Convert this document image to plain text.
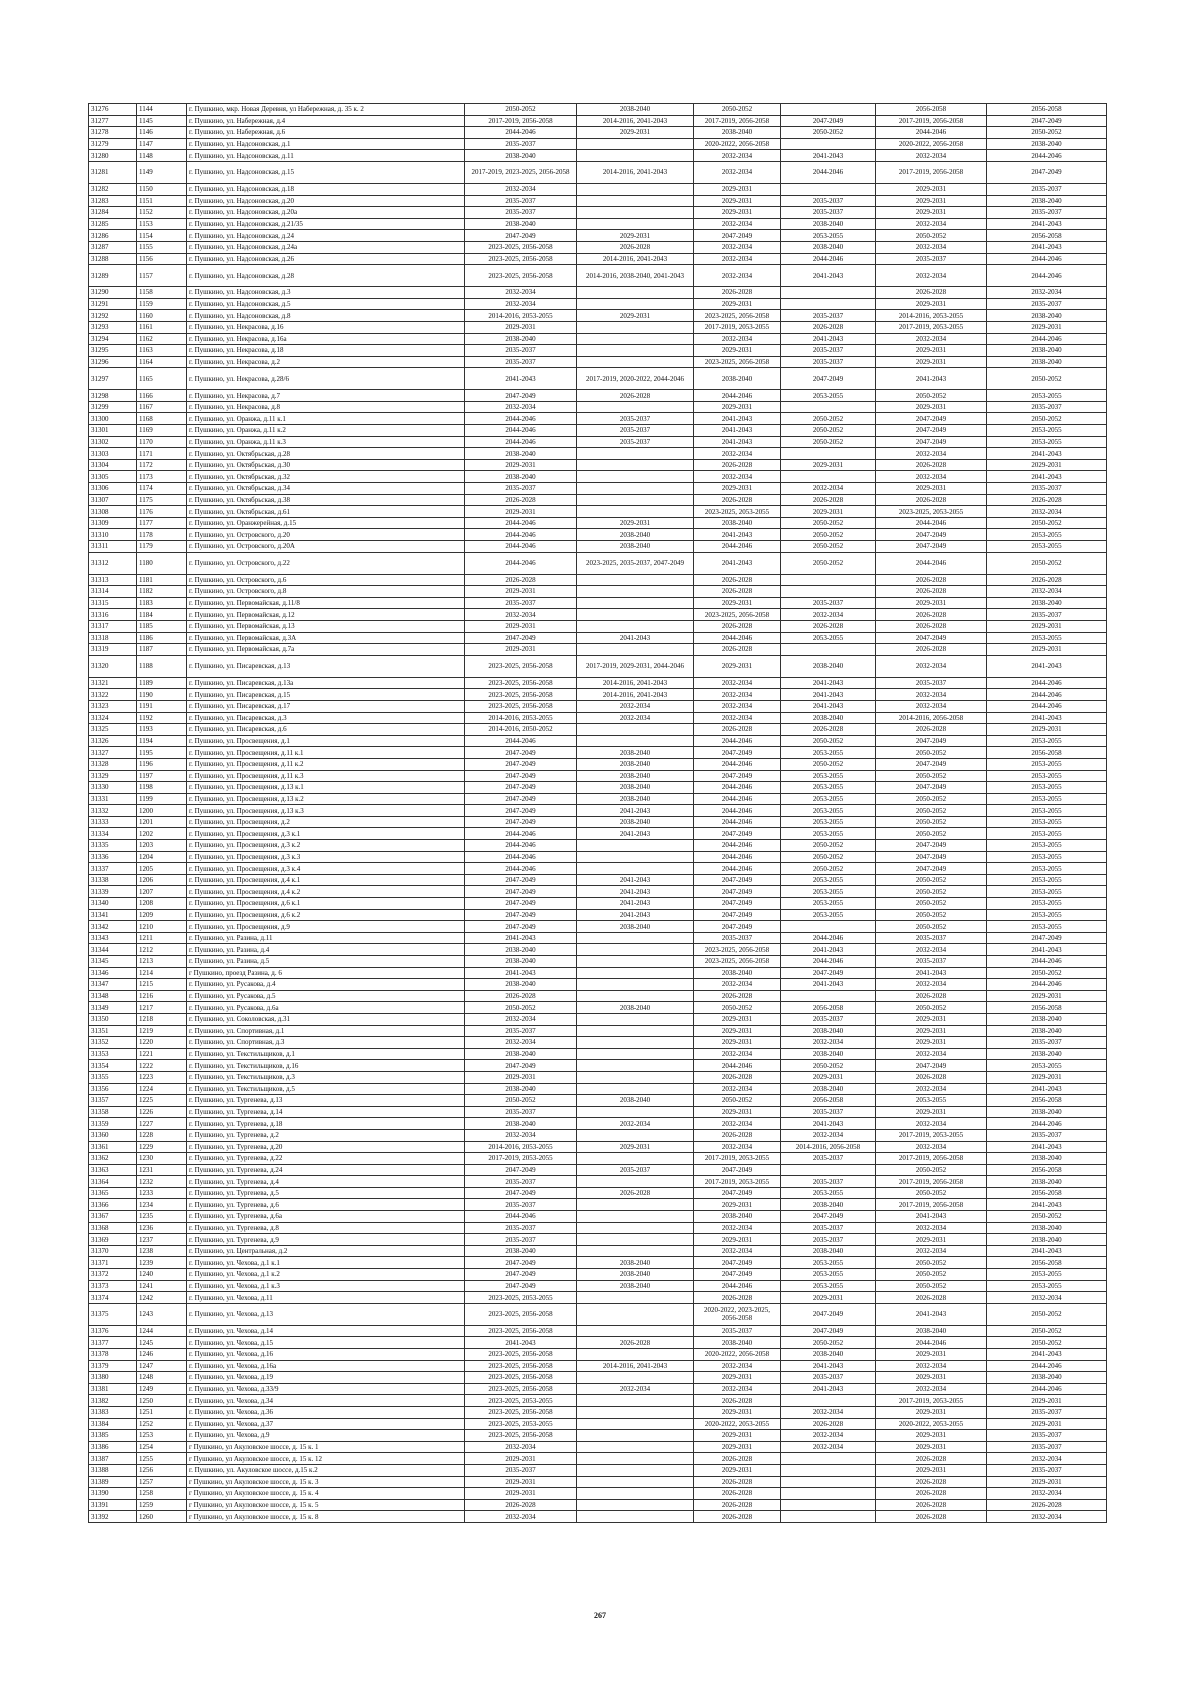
31276	1144	г. Пушкино, мкр. Новая Деревня, ул Набережная, д. 35 к. 2	2050-2052	2038-2040	2050-2052		2056-2058	2056-2058
31277	1145	г. Пушкино, ул. Набережная, д.4	2017-2019, 2056-2058	2014-2016, 2041-2043	2017-2019, 2056-2058	2047-2049	2017-2019, 2056-2058	2047-2049
31278	1146	г. Пушкино, ул. Набережная, д.6	2044-2046	2029-2031	2038-2040	2050-2052	2044-2046	2050-2052
31279	1147	г. Пушкино, ул. Надсоновская, д.1	2035-2037		2020-2022, 2056-2058		2020-2022, 2056-2058	2038-2040
31280	1148	г. Пушкино, ул. Надсоновская, д.11	2038-2040		2032-2034	2041-2043	2032-2034	2044-2046
31281	1149	г. Пушкино, ул. Надсоновская, д.15	2017-2019, 2023-2025, 2056-2058	2014-2016, 2041-2043	2032-2034	2044-2046	2017-2019, 2056-2058	2047-2049
31282	1150	г. Пушкино, ул. Надсоновская, д.18	2032-2034		2029-2031		2029-2031	2035-2037
31283	1151	г. Пушкино, ул. Надсоновская, д.20	2035-2037		2029-2031	2035-2037	2029-2031	2038-2040
31284	1152	г. Пушкино, ул. Надсоновская, д.20а	2035-2037		2029-2031	2035-2037	2029-2031	2035-2037
31285	1153	г. Пушкино, ул. Надсоновская, д.21/35	2038-2040		2032-2034	2038-2040	2032-2034	2041-2043
31286	1154	г. Пушкино, ул. Надсоновская, д.24	2047-2049	2029-2031	2047-2049	2053-2055	2050-2052	2056-2058
31287	1155	г. Пушкино, ул. Надсоновская, д.24а	2023-2025, 2056-2058	2026-2028	2032-2034	2038-2040	2032-2034	2041-2043
31288	1156	г. Пушкино, ул. Надсоновская, д.26	2023-2025, 2056-2058	2014-2016, 2041-2043	2032-2034	2044-2046	2035-2037	2044-2046
31289	1157	г. Пушкино, ул. Надсоновская, д.28	2023-2025, 2056-2058	2014-2016, 2038-2040, 2041-2043	2032-2034	2041-2043	2032-2034	2044-2046
31290	1158	г. Пушкино, ул. Надсоновская, д.3	2032-2034		2026-2028		2026-2028	2032-2034
31291	1159	г. Пушкино, ул. Надсоновская, д.5	2032-2034		2029-2031		2029-2031	2035-2037
31292	1160	г. Пушкино, ул. Надсоновская, д.8	2014-2016, 2053-2055	2029-2031	2023-2025, 2056-2058	2035-2037	2014-2016, 2053-2055	2038-2040
31293	1161	г. Пушкино, ул. Некрасова, д.16	2029-2031		2017-2019, 2053-2055	2026-2028	2017-2019, 2053-2055	2029-2031
31294	1162	г. Пушкино, ул. Некрасова, д.16а	2038-2040		2032-2034	2041-2043	2032-2034	2044-2046
31295	1163	г. Пушкино, ул. Некрасова, д.18	2035-2037		2029-2031	2035-2037	2029-2031	2038-2040
31296	1164	г. Пушкино, ул. Некрасова, д.2	2035-2037		2023-2025, 2056-2058	2035-2037	2029-2031	2038-2040
31297	1165	г. Пушкино, ул. Некрасова, д.28/6	2041-2043	2017-2019, 2020-2022, 2044-2046	2038-2040	2047-2049	2041-2043	2050-2052
31298	1166	г. Пушкино, ул. Некрасова, д.7	2047-2049	2026-2028	2044-2046	2053-2055	2050-2052	2053-2055
31299	1167	г. Пушкино, ул. Некрасова, д.8	2032-2034		2029-2031		2029-2031	2035-2037
31300	1168	г. Пушкино, ул. Оранжа, д.11 к.1	2044-2046	2035-2037	2041-2043	2050-2052	2047-2049	2050-2052
31301	1169	г. Пушкино, ул. Оранжа, д.11 к.2	2044-2046	2035-2037	2041-2043	2050-2052	2047-2049	2053-2055
31302	1170	г. Пушкино, ул. Оранжа, д.11 к.3	2044-2046	2035-2037	2041-2043	2050-2052	2047-2049	2053-2055
31303	1171	г. Пушкино, ул. Октябрьская, д.28	2038-2040		2032-2034		2032-2034	2041-2043
31304	1172	г. Пушкино, ул. Октябрьская, д.30	2029-2031		2026-2028	2029-2031	2026-2028	2029-2031
31305	1173	г. Пушкино, ул. Октябрьская, д.32	2038-2040		2032-2034		2032-2034	2041-2043
31306	1174	г. Пушкино, ул. Октябрьская, д.34	2035-2037		2029-2031	2032-2034	2029-2031	2035-2037
31307	1175	г. Пушкино, ул. Октябрьская, д.38	2026-2028		2026-2028	2026-2028	2026-2028	2026-2028
31308	1176	г. Пушкино, ул. Октябрьская, д.61	2029-2031		2023-2025, 2053-2055	2029-2031	2023-2025, 2053-2055	2032-2034
31309	1177	г. Пушкино, ул. Оранжерейная, д.15	2044-2046	2029-2031	2038-2040	2050-2052	2044-2046	2050-2052
31310	1178	г. Пушкино, ул. Островского, д.20	2044-2046	2038-2040	2041-2043	2050-2052	2047-2049	2053-2055
31311	1179	г. Пушкино, ул. Островского, д.20А	2044-2046	2038-2040	2044-2046	2050-2052	2047-2049	2053-2055
31312	1180	г. Пушкино, ул. Островского, д.22	2044-2046	2023-2025, 2035-2037, 2047-2049	2041-2043	2050-2052	2044-2046	2050-2052
31313	1181	г. Пушкино, ул. Островского, д.6	2026-2028		2026-2028		2026-2028	2026-2028
31314	1182	г. Пушкино, ул. Островского, д.8	2029-2031		2026-2028		2026-2028	2032-2034
31315	1183	г. Пушкино, ул. Первомайская, д.11/8	2035-2037		2029-2031	2035-2037	2029-2031	2038-2040
31316	1184	г. Пушкино, ул. Первомайская, д.12	2032-2034		2023-2025, 2056-2058	2032-2034	2026-2028	2035-2037
31317	1185	г. Пушкино, ул. Первомайская, д.13	2029-2031		2026-2028	2026-2028	2026-2028	2029-2031
31318	1186	г. Пушкино, ул. Первомайская, д.3А	2047-2049	2041-2043	2044-2046	2053-2055	2047-2049	2053-2055
31319	1187	г. Пушкино, ул. Первомайская, д.7а	2029-2031		2026-2028		2026-2028	2029-2031
31320	1188	г. Пушкино, ул. Писаревская, д.13	2023-2025, 2056-2058	2017-2019, 2029-2031, 2044-2046	2029-2031	2038-2040	2032-2034	2041-2043
31321	1189	г. Пушкино, ул. Писаревская, д.13а	2023-2025, 2056-2058	2014-2016, 2041-2043	2032-2034	2041-2043	2035-2037	2044-2046
31322	1190	г. Пушкино, ул. Писаревская, д.15	2023-2025, 2056-2058	2014-2016, 2041-2043	2032-2034	2041-2043	2032-2034	2044-2046
31323	1191	г. Пушкино, ул. Писаревская, д.17	2023-2025, 2056-2058	2032-2034	2032-2034	2041-2043	2032-2034	2044-2046
31324	1192	г. Пушкино, ул. Писаревская, д.3	2014-2016, 2053-2055	2032-2034	2032-2034	2038-2040	2014-2016, 2056-2058	2041-2043
31325	1193	г. Пушкино, ул. Писаревская, д.6	2014-2016, 2050-2052		2026-2028	2026-2028	2026-2028	2029-2031
31326	1194	г. Пушкино, ул. Просвещения, д.1	2044-2046		2044-2046	2050-2052	2047-2049	2053-2055
31327	1195	г. Пушкино, ул. Просвещения, д.11 к.1	2047-2049	2038-2040	2047-2049	2053-2055	2050-2052	2056-2058
31328	1196	г. Пушкино, ул. Просвещения, д.11 к.2	2047-2049	2038-2040	2044-2046	2050-2052	2047-2049	2053-2055
31329	1197	г. Пушкино, ул. Просвещения, д.11 к.3	2047-2049	2038-2040	2047-2049	2053-2055	2050-2052	2053-2055
31330	1198	г. Пушкино, ул. Просвещения, д.13 к.1	2047-2049	2038-2040	2044-2046	2053-2055	2047-2049	2053-2055
31331	1199	г. Пушкино, ул. Просвещения, д.13 к.2	2047-2049	2038-2040	2044-2046	2053-2055	2050-2052	2053-2055
31332	1200	г. Пушкино, ул. Просвещения, д.13 к.3	2047-2049	2041-2043	2044-2046	2053-2055	2050-2052	2053-2055
31333	1201	г. Пушкино, ул. Просвещения, д.2	2047-2049	2038-2040	2044-2046	2053-2055	2050-2052	2053-2055
31334	1202	г. Пушкино, ул. Просвещения, д.3 к.1	2044-2046	2041-2043	2047-2049	2053-2055	2050-2052	2053-2055
31335	1203	г. Пушкино, ул. Просвещения, д.3 к.2	2044-2046		2044-2046	2050-2052	2047-2049	2053-2055
31336	1204	г. Пушкино, ул. Просвещения, д.3 к.3	2044-2046		2044-2046	2050-2052	2047-2049	2053-2055
31337	1205	г. Пушкино, ул. Просвещения, д.3 к.4	2044-2046		2044-2046	2050-2052	2047-2049	2053-2055
31338	1206	г. Пушкино, ул. Просвещения, д.4 к.1	2047-2049	2041-2043	2047-2049	2053-2055	2050-2052	2053-2055
31339	1207	г. Пушкино, ул. Просвещения, д.4 к.2	2047-2049	2041-2043	2047-2049	2053-2055	2050-2052	2053-2055
31340	1208	г. Пушкино, ул. Просвещения, д.6 к.1	2047-2049	2041-2043	2047-2049	2053-2055	2050-2052	2053-2055
31341	1209	г. Пушкино, ул. Просвещения, д.6 к.2	2047-2049	2041-2043	2047-2049	2053-2055	2050-2052	2053-2055
31342	1210	г. Пушкино, ул. Просвещения, д.9	2047-2049	2038-2040	2047-2049		2050-2052	2053-2055
31343	1211	г. Пушкино, ул. Разина, д.11	2041-2043		2035-2037	2044-2046	2035-2037	2047-2049
31344	1212	г. Пушкино, ул. Разина, д.4	2038-2040		2023-2025, 2056-2058	2041-2043	2032-2034	2041-2043
31345	1213	г. Пушкино, ул. Разина, д.5	2038-2040		2023-2025, 2056-2058	2044-2046	2035-2037	2044-2046
31346	1214	г Пушкино, проезд Разина, д. 6	2041-2043		2038-2040	2047-2049	2041-2043	2050-2052
31347	1215	г. Пушкино, ул. Русакова, д.4	2038-2040		2032-2034	2041-2043	2032-2034	2044-2046
31348	1216	г. Пушкино, ул. Русакова, д.5	2026-2028		2026-2028		2026-2028	2029-2031
31349	1217	г. Пушкино, ул. Русакова, д.6а	2050-2052	2038-2040	2050-2052	2056-2058	2050-2052	2056-2058
31350	1218	г. Пушкино, ул. Соколовская, д.31	2032-2034		2029-2031	2035-2037	2029-2031	2038-2040
31351	1219	г. Пушкино, ул. Спортивная, д.1	2035-2037		2029-2031	2038-2040	2029-2031	2038-2040
31352	1220	г. Пушкино, ул. Спортивная, д.3	2032-2034		2029-2031	2032-2034	2029-2031	2035-2037
31353	1221	г. Пушкино, ул. Текстильщиков, д.1	2038-2040		2032-2034	2038-2040	2032-2034	2038-2040
31354	1222	г. Пушкино, ул. Текстильщиков, д.16	2047-2049		2044-2046	2050-2052	2047-2049	2053-2055
31355	1223	г. Пушкино, ул. Текстильщиков, д.3	2029-2031		2026-2028	2029-2031	2026-2028	2029-2031
31356	1224	г. Пушкино, ул. Текстильщиков, д.5	2038-2040		2032-2034	2038-2040	2032-2034	2041-2043
31357	1225	г. Пушкино, ул. Тургенева, д.13	2050-2052	2038-2040	2050-2052	2056-2058	2053-2055	2056-2058
31358	1226	г. Пушкино, ул. Тургенева, д.14	2035-2037		2029-2031	2035-2037	2029-2031	2038-2040
31359	1227	г. Пушкино, ул. Тургенева, д.18	2038-2040	2032-2034	2032-2034	2041-2043	2032-2034	2044-2046
31360	1228	г. Пушкино, ул. Тургенева, д.2	2032-2034		2026-2028	2032-2034	2017-2019, 2053-2055	2035-2037
31361	1229	г. Пушкино, ул. Тургенева, д.20	2014-2016, 2053-2055	2029-2031	2032-2034	2014-2016, 2056-2058	2032-2034	2041-2043
31362	1230	г. Пушкино, ул. Тургенева, д.22	2017-2019, 2053-2055		2017-2019, 2053-2055	2035-2037	2017-2019, 2056-2058	2038-2040
31363	1231	г. Пушкино, ул. Тургенева, д.24	2047-2049	2035-2037	2047-2049		2050-2052	2056-2058
31364	1232	г. Пушкино, ул. Тургенева, д.4	2035-2037		2017-2019, 2053-2055	2035-2037	2017-2019, 2056-2058	2038-2040
31365	1233	г. Пушкино, ул. Тургенева, д.5	2047-2049	2026-2028	2047-2049	2053-2055	2050-2052	2056-2058
31366	1234	г. Пушкино, ул. Тургенева, д.6	2035-2037		2029-2031	2038-2040	2017-2019, 2056-2058	2041-2043
31367	1235	г. Пушкино, ул. Тургенева, д.6а	2044-2046		2038-2040	2047-2049	2041-2043	2050-2052
31368	1236	г. Пушкино, ул. Тургенева, д.8	2035-2037		2032-2034	2035-2037	2032-2034	2038-2040
31369	1237	г. Пушкино, ул. Тургенева, д.9	2035-2037		2029-2031	2035-2037	2029-2031	2038-2040
31370	1238	г. Пушкино, ул. Центральная, д.2	2038-2040		2032-2034	2038-2040	2032-2034	2041-2043
31371	1239	г. Пушкино, ул. Чехова, д.1 к.1	2047-2049	2038-2040	2047-2049	2053-2055	2050-2052	2056-2058
31372	1240	г. Пушкино, ул. Чехова, д.1 к.2	2047-2049	2038-2040	2047-2049	2053-2055	2050-2052	2053-2055
31373	1241	г. Пушкино, ул. Чехова, д.1 к.3	2047-2049	2038-2040	2044-2046	2053-2055	2050-2052	2053-2055
31374	1242	г. Пушкино, ул. Чехова, д.11	2023-2025, 2053-2055		2026-2028	2029-2031	2026-2028	2032-2034
31375	1243	г. Пушкино, ул. Чехова, д.13	2023-2025, 2056-2058		2020-2022, 2023-2025, 2056-2058	2047-2049	2041-2043	2050-2052
31376	1244	г. Пушкино, ул. Чехова, д.14	2023-2025, 2056-2058		2035-2037	2047-2049	2038-2040	2050-2052
31377	1245	г. Пушкино, ул. Чехова, д.15	2041-2043	2026-2028	2038-2040	2050-2052	2044-2046	2050-2052
31378	1246	г. Пушкино, ул. Чехова, д.16	2023-2025, 2056-2058		2020-2022, 2056-2058	2038-2040	2029-2031	2041-2043
31379	1247	г. Пушкино, ул. Чехова, д.16а	2023-2025, 2056-2058	2014-2016, 2041-2043	2032-2034	2041-2043	2032-2034	2044-2046
31380	1248	г. Пушкино, ул. Чехова, д.19	2023-2025, 2056-2058		2029-2031	2035-2037	2029-2031	2038-2040
31381	1249	г. Пушкино, ул. Чехова, д.33/9	2023-2025, 2056-2058	2032-2034	2032-2034	2041-2043	2032-2034	2044-2046
31382	1250	г. Пушкино, ул. Чехова, д.34	2023-2025, 2053-2055		2026-2028		2017-2019, 2053-2055	2029-2031
31383	1251	г. Пушкино, ул. Чехова, д.36	2023-2025, 2056-2058		2029-2031	2032-2034	2029-2031	2035-2037
31384	1252	г. Пушкино, ул. Чехова, д.37	2023-2025, 2053-2055		2020-2022, 2053-2055	2026-2028	2020-2022, 2053-2055	2029-2031
31385	1253	г. Пушкино, ул. Чехова, д.9	2023-2025, 2056-2058		2029-2031	2032-2034	2029-2031	2035-2037
31386	1254	г Пушкино, ул Акуловское шоссе, д. 15 к. 1	2032-2034		2029-2031	2032-2034	2029-2031	2035-2037
31387	1255	г Пушкино, ул Акуловское шоссе, д. 15 к. 12	2029-2031		2026-2028		2026-2028	2032-2034
31388	1256	г. Пушкино, ул. Акуловское шоссе, д.15 к.2	2035-2037		2029-2031		2029-2031	2035-2037
31389	1257	г Пушкино, ул Акуловское шоссе, д. 15 к. 3	2029-2031		2026-2028		2026-2028	2029-2031
31390	1258	г Пушкино, ул Акуловское шоссе, д. 15 к. 4	2029-2031		2026-2028		2026-2028	2032-2034
31391	1259	г Пушкино, ул Акуловское шоссе, д. 15 к. 5	2026-2028		2026-2028		2026-2028	2026-2028
31392	1260	г Пушкино, ул Акуловское шоссе, д. 15 к. 8	2032-2034		2026-2028		2026-2028	2032-2034
267
